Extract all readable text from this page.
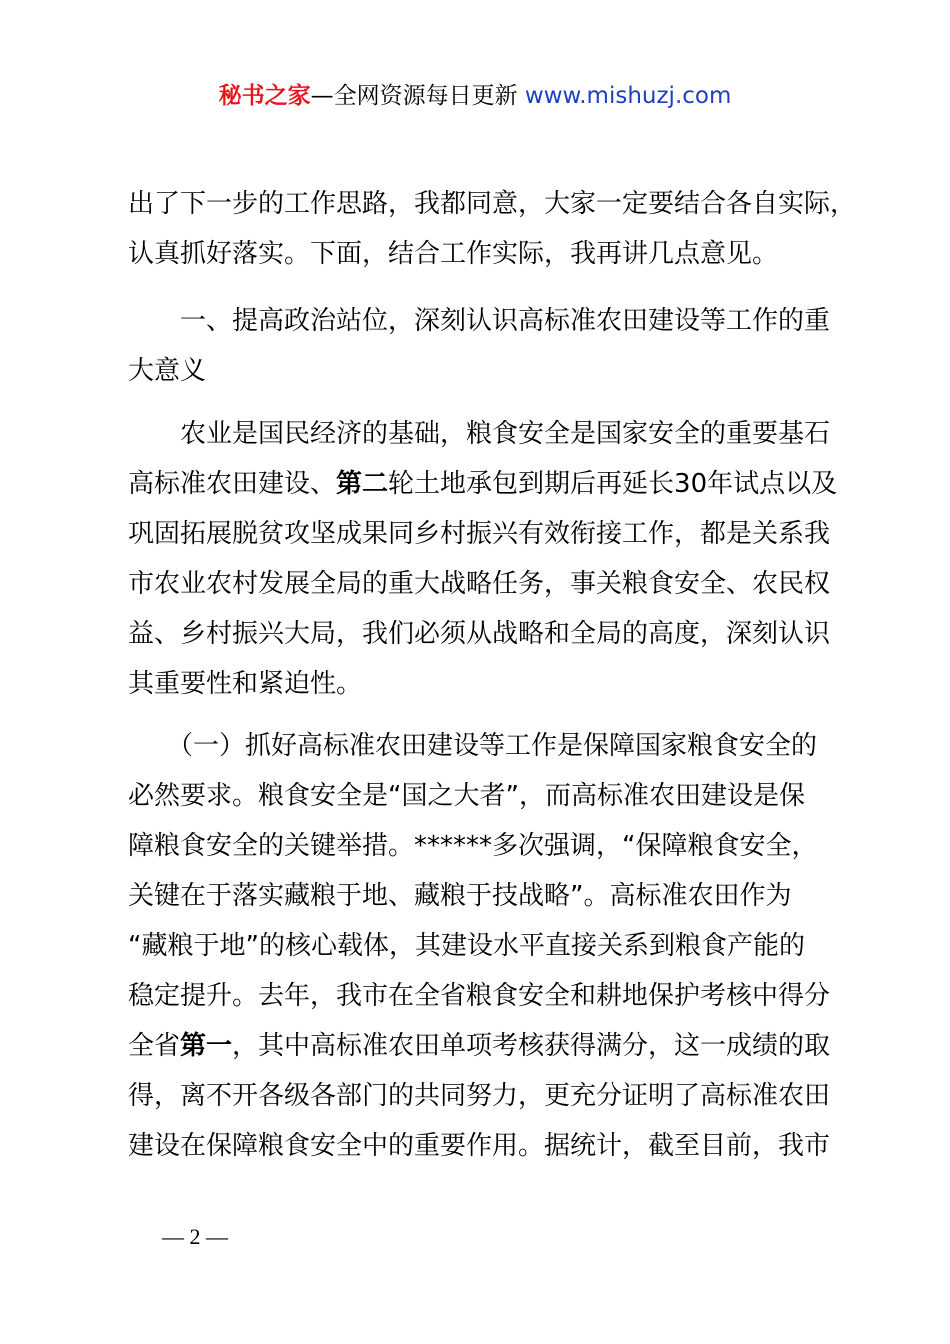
秘书之家—全网资源每日更新 www.mishuzj.com
出了下一步的工作思路，我都同意，大家一定要结合各自实际，
认真抓好落实。下面，结合工作实际，我再讲几点意见。
　　一、提高政治站位，深刻认识高标准农田建设等工作的重
大意义
　　农业是国民经济的基础，粮食安全是国家安全的重要基石
高标准农田建设、第二轮土地承包到期后再延长30年试点以及
巩固拓展脱贫攻坚成果同乡村振兴有效衔接工作，都是关系我
市农业农村发展全局的重大战略任务，事关粮食安全、农民权
益、乡村振兴大局，我们必须从战略和全局的高度，深刻认识
其重要性和紧迫性。
　　（一）抓好高标准农田建设等工作是保障国家粮食安全的
必然要求。粮食安全是“国之大者”，而高标准农田建设是保
障粮食安全的关键举措。******多次强调，“保障粮食安全，
关键在于落实藏粮于地、藏粮于技战略”。高标准农田作为
“藏粮于地”的核心载体，其建设水平直接关系到粮食产能的
稳定提升。去年，我市在全省粮食安全和耕地保护考核中得分
全省第一，其中高标准农田单项考核获得满分，这一成绩的取
得，离不开各级各部门的共同努力，更充分证明了高标准农田
建设在保障粮食安全中的重要作用。据统计，截至目前，我市
— 2 —
